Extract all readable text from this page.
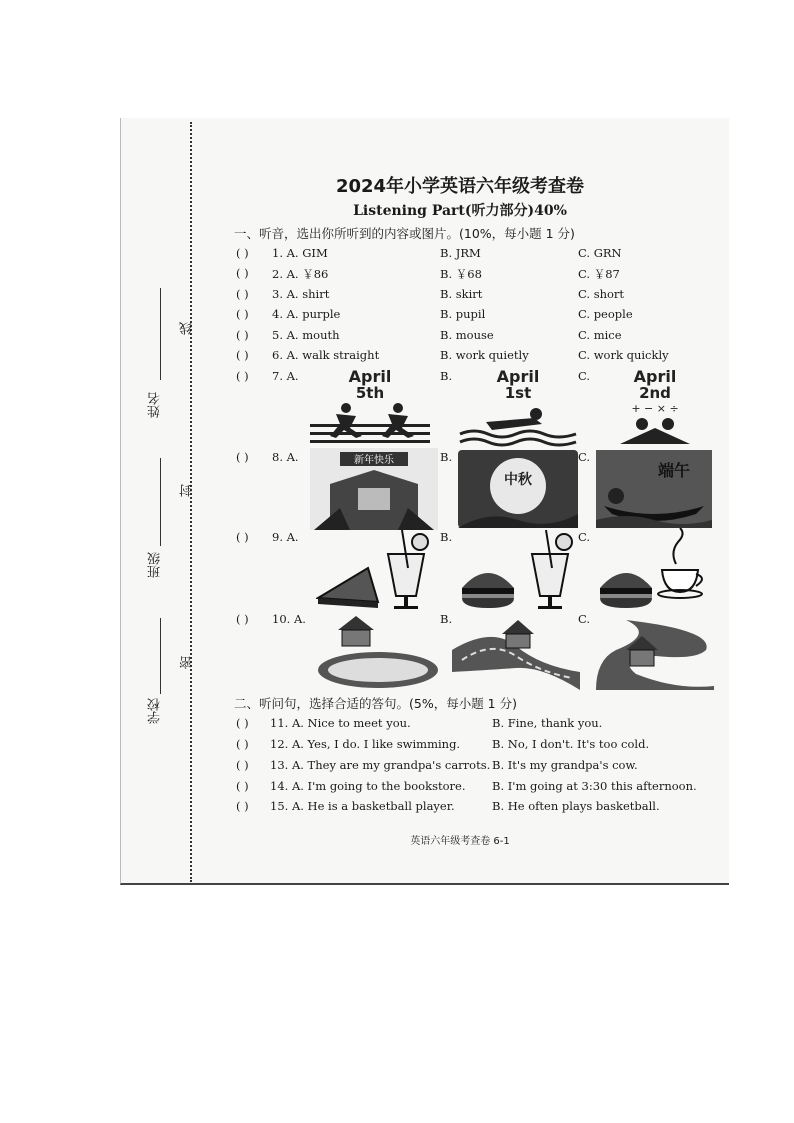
线
封
密
姓名
班级
学校
2024年小学英语六年级考查卷
Listening Part(听力部分)40%
一、听音，选出你所听到的内容或图片。(10%，每小题 1 分)
( ) 1. A. GIM	B. JRM	C. GRN
( ) 2. A. ￥86	B. ￥68	C. ￥87
( ) 3. A. shirt	B. skirt	C. short
( ) 4. A. purple	B. pupil	C. people
( ) 5. A. mouth	B. mouse	C. mice
( ) 6. A. walk straight	B. work quietly	C. work quickly
( ) 7. A.	B.	C.
April
5th
April
1st
April
2nd
+ − × ÷
( ) 8. A.	B.	C.
新年快乐
中秋	端午
( ) 9. A.	B.	C.
( ) 10. A.	B.	C.
二、听问句，选择合适的答句。(5%，每小题 1 分)
( ) 11. A. Nice to meet you.	B. Fine, thank you.
( ) 12. A. Yes, I do. I like swimming.	B. No, I don't. It's too cold.
( ) 13. A. They are my grandpa's carrots. B. It's my grandpa's cow.
( ) 14. A. I'm going to the bookstore. B. I'm going at 3:30 this afternoon.
( ) 15. A. He is a basketball player.	B. He often plays basketball.
英语六年级考查卷 6-1
